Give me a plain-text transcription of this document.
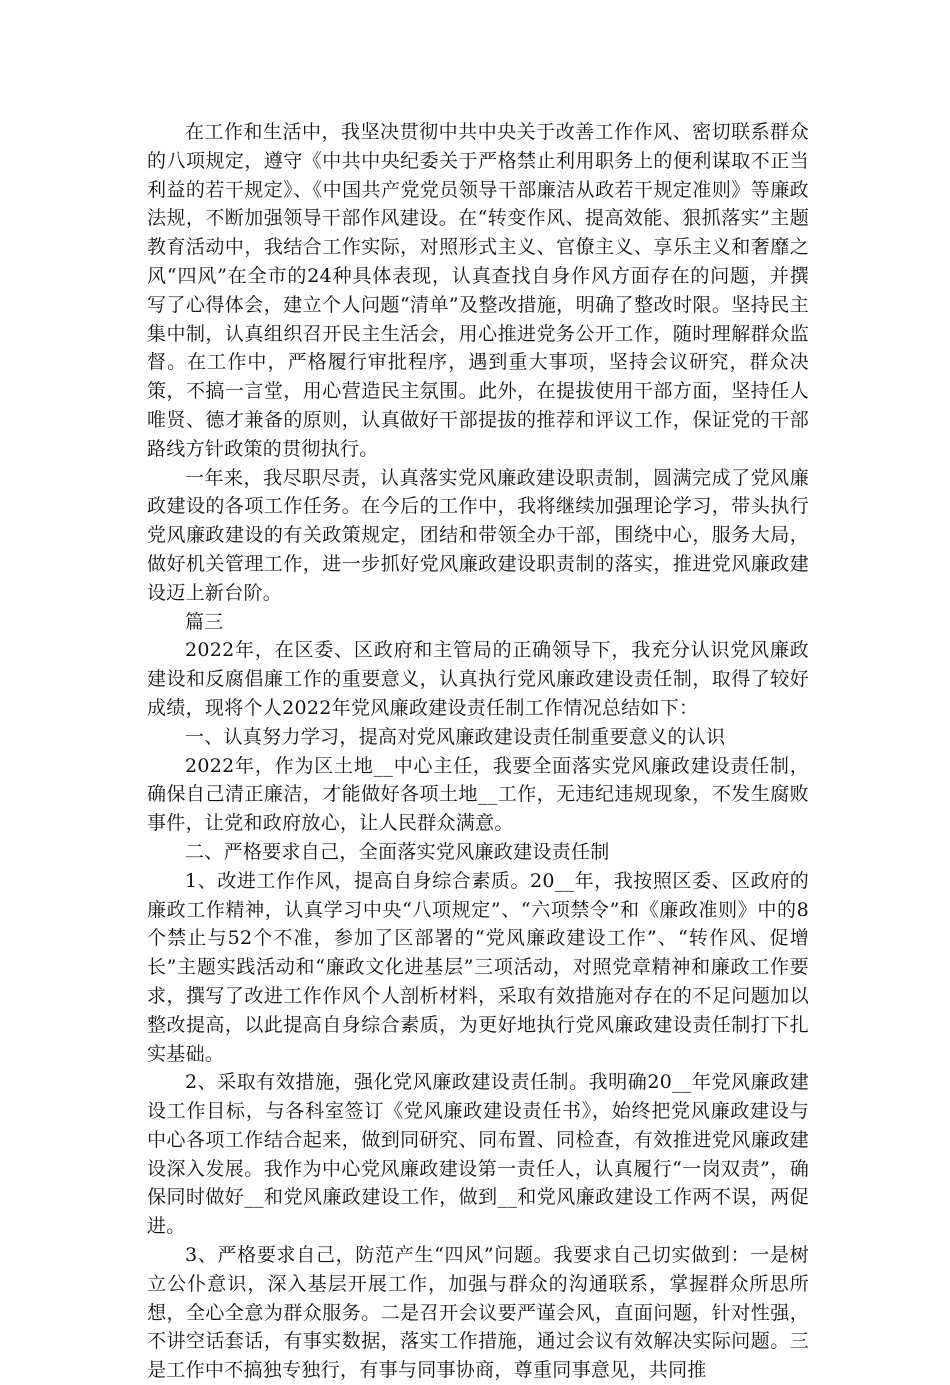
在工作和生活中，我坚决贯彻中共中央关于改善工作作风、密切联系群众的八项规定，遵守《中共中央纪委关于严格禁止利用职务上的便利谋取不正当利益的若干规定》、《中国共产党党员领导干部廉洁从政若干规定准则》等廉政法规，不断加强领导干部作风建设。在“转变作风、提高效能、狠抓落实”主题教育活动中，我结合工作实际，对照形式主义、官僚主义、享乐主义和奢靡之风“四风”在全市的24种具体表现，认真查找自身作风方面存在的问题，并撰写了心得体会，建立个人问题“清单”及整改措施，明确了整改时限。坚持民主集中制，认真组织召开民主生活会，用心推进党务公开工作，随时理解群众监督。在工作中，严格履行审批程序，遇到重大事项，坚持会议研究，群众决策，不搞一言堂，用心营造民主氛围。此外，在提拔使用干部方面，坚持任人唯贤、德才兼备的原则，认真做好干部提拔的推荐和评议工作，保证党的干部路线方针政策的贯彻执行。

一年来，我尽职尽责，认真落实党风廉政建设职责制，圆满完成了党风廉政建设的各项工作任务。在今后的工作中，我将继续加强理论学习，带头执行党风廉政建设的有关政策规定，团结和带领全办干部，围绕中心，服务大局，做好机关管理工作，进一步抓好党风廉政建设职责制的落实，推进党风廉政建设迈上新台阶。

篇三

2022年，在区委、区政府和主管局的正确领导下，我充分认识党风廉政建设和反腐倡廉工作的重要意义，认真执行党风廉政建设责任制，取得了较好成绩，现将个人2022年党风廉政建设责任制工作情况总结如下：

一、认真努力学习，提高对党风廉政建设责任制重要意义的认识

2022年，作为区土地__中心主任，我要全面落实党风廉政建设责任制，确保自己清正廉洁，才能做好各项土地__工作，无违纪违规现象，不发生腐败事件，让党和政府放心，让人民群众满意。

二、严格要求自己，全面落实党风廉政建设责任制

1、改进工作作风，提高自身综合素质。20__年，我按照区委、区政府的廉政工作精神，认真学习中央“八项规定”、“六项禁令”和《廉政准则》中的8个禁止与52个不准，参加了区部署的“党风廉政建设工作”、“转作风、促增长”主题实践活动和“廉政文化进基层”三项活动，对照党章精神和廉政工作要求，撰写了改进工作作风个人剖析材料，采取有效措施对存在的不足问题加以整改提高，以此提高自身综合素质，为更好地执行党风廉政建设责任制打下扎实基础。

2、采取有效措施，强化党风廉政建设责任制。我明确20__年党风廉政建设工作目标，与各科室签订《党风廉政建设责任书》，始终把党风廉政建设与中心各项工作结合起来，做到同研究、同布置、同检查，有效推进党风廉政建设深入发展。我作为中心党风廉政建设第一责任人，认真履行“一岗双责”，确保同时做好__和党风廉政建设工作，做到__和党风廉政建设工作两不误，两促进。

3、严格要求自己，防范产生“四风”问题。我要求自己切实做到：一是树立公仆意识，深入基层开展工作，加强与群众的沟通联系，掌握群众所思所想，全心全意为群众服务。二是召开会议要严谨会风，直面问题，针对性强，不讲空话套话，有事实数据，落实工作措施，通过会议有效解决实际问题。三是工作中不搞独专独行，有事与同事协商，尊重同事意见，共同推
